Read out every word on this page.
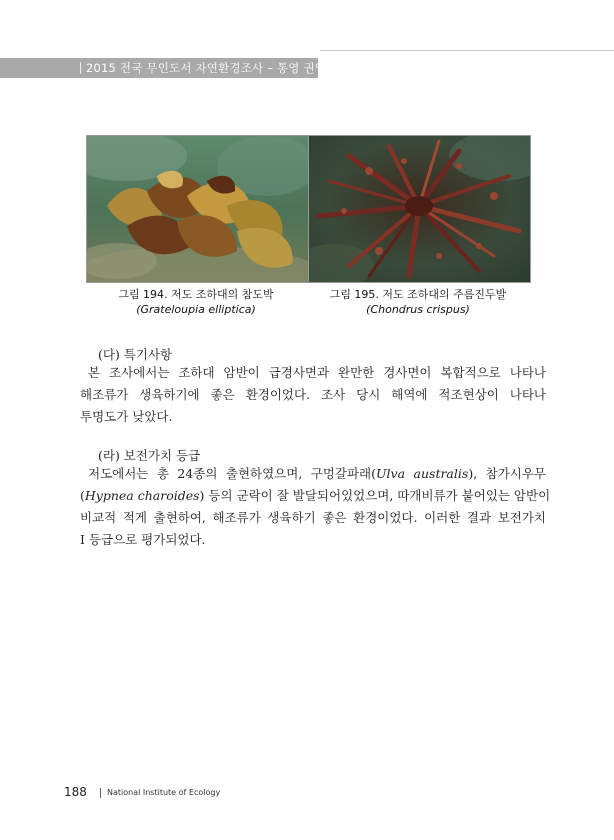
2015 전국 무인도서 자연환경조사 – 통영 권역
그림 194. 저도 조하대의 참도박
(Grateloupia elliptica)
그림 195. 저도 조하대의 주름진두발
(Chondrus crispus)
(다) 특기사항

본 조사에서는 조하대 암반이 급경사면과 완만한 경사면이 복합적으로 나타나

해조류가 생육하기에 좋은 환경이었다. 조사 당시 해역에 적조현상이 나타나

투명도가 낮았다.

(라) 보전가치 등급

저도에서는 총 24종의 출현하였으며, 구멍갈파래(Ulva australis), 참가시우무

(Hypnea charoides) 등의 군락이 잘 발달되어있었으며, 따개비류가 붙어있는 암반이

비교적 적게 출현하여, 해조류가 생육하기 좋은 환경이었다. 이러한 결과 보전가치

I 등급으로 평가되었다.

188	National Institute of Ecology
